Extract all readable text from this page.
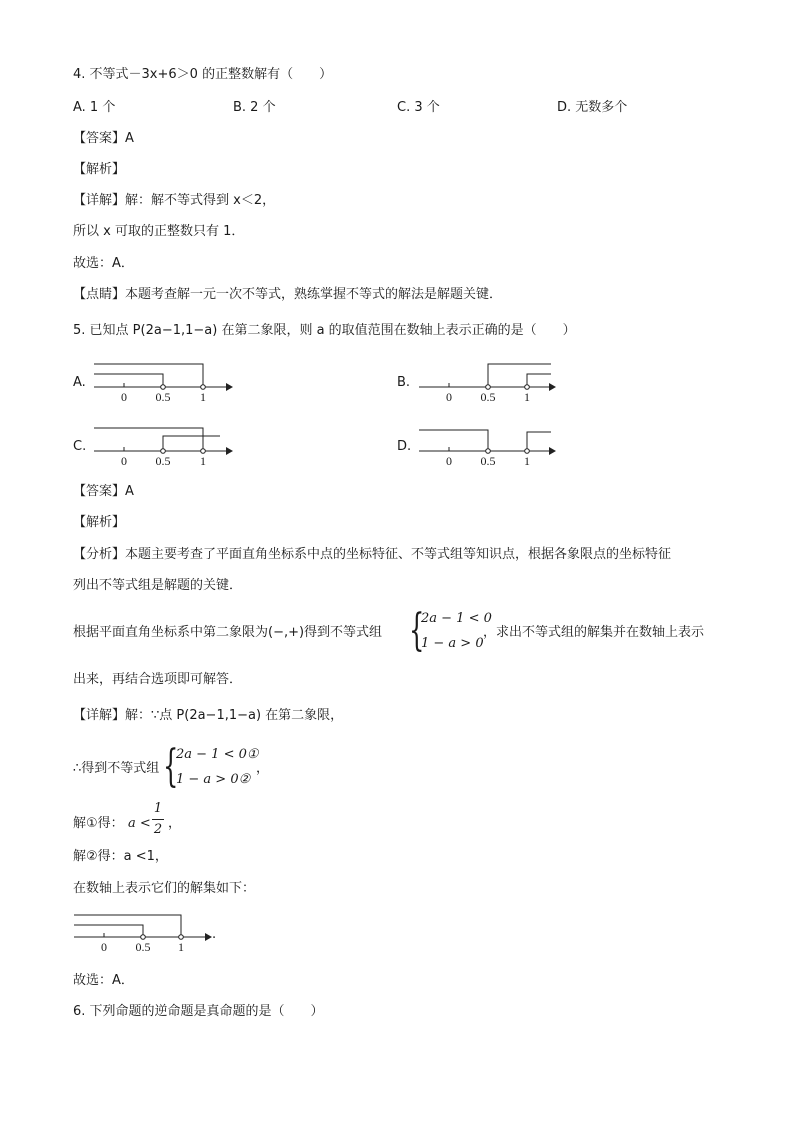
4. 不等式－3x+6＞0 的正整数解有（　　）
A. 1 个	B. 2 个	C. 3 个	D. 无数多个
【答案】A
【解析】
【详解】解：解不等式得到 x＜2，
所以 x 可取的正整数只有 1．
故选：A．
【点睛】本题考查解一元一次不等式，熟练掌握不等式的解法是解题关键．
5. 已知点 P(2a−1,1−a) 在第二象限，则 a 的取值范围在数轴上表示正确的是（　　）
A.
0 0.5 1
B.
0 0.5 1
C.
0 0.5 1
D.
0 0.5 1
【答案】A
【解析】
【分析】本题主要考查了平面直角坐标系中点的坐标特征、不等式组等知识点，根据各象限点的坐标特征
列出不等式组是解题的关键．
根据平面直角坐标系中第二象限为(−,+)得到不等式组 {
2a − 1 < 0
1 − a > 0
，求出不等式组的解集并在数轴上表示
出来，再结合选项即可解答．
【详解】解：∵点 P(2a−1,1−a) 在第二象限，
∴得到不等式组 {
2a − 1 < 0①
1 − a > 0②
，
解①得： a <
1
2 ，
解②得：a <1，
在数轴上表示它们的解集如下：
0 0.5 1
.
故选：A．
6. 下列命题的逆命题是真命题的是（　　）
